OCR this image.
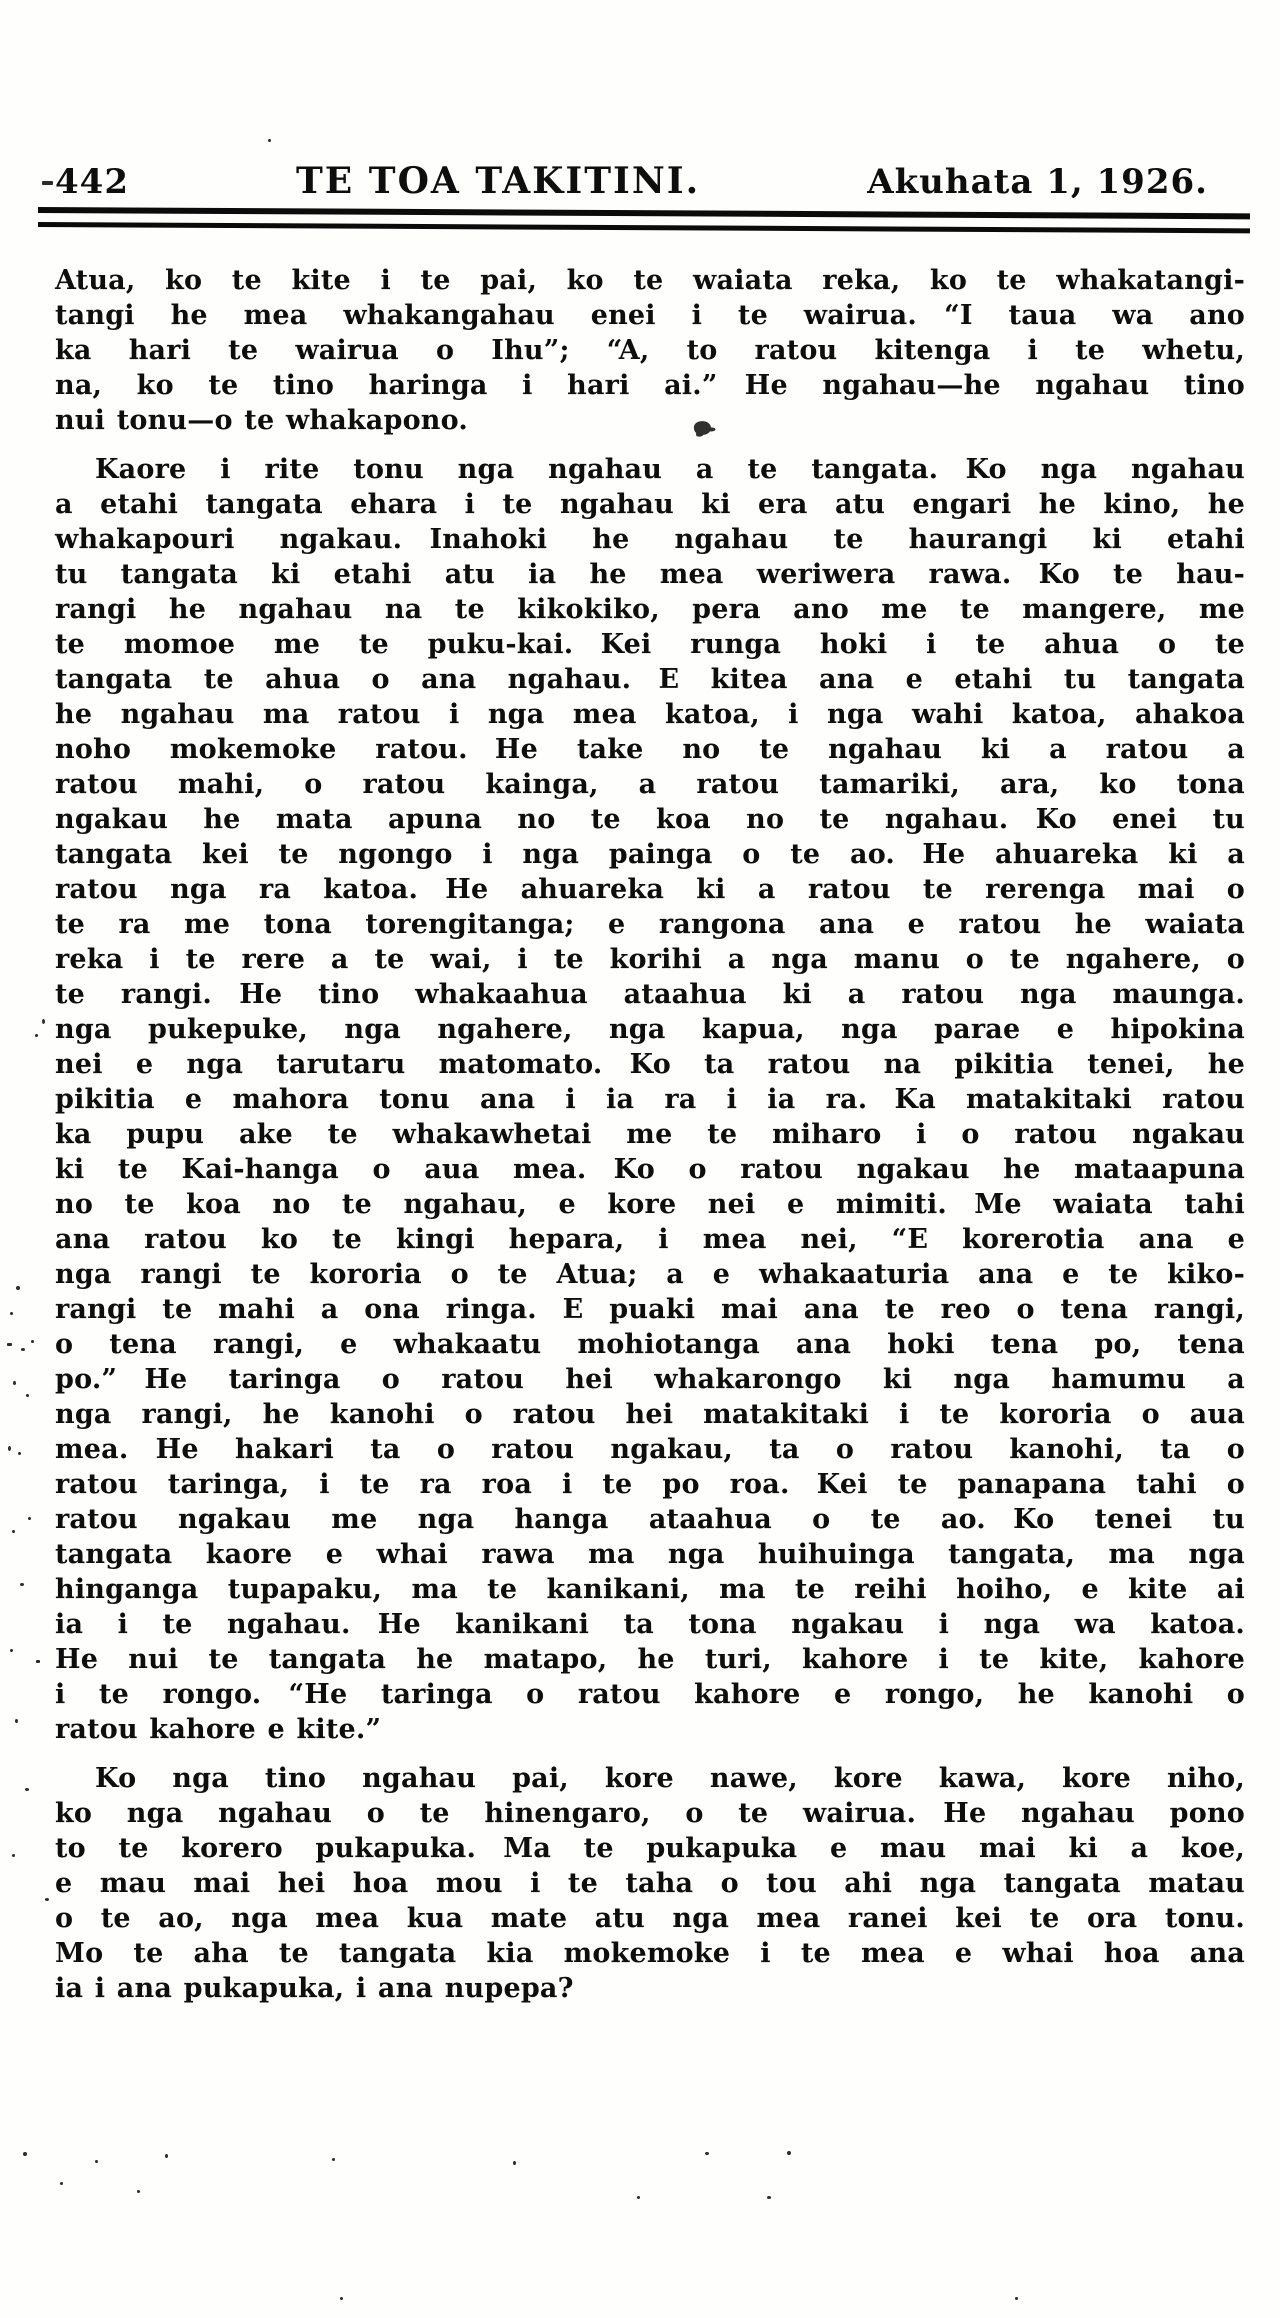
442	TE TOA TAKITINI.	Akuhata 1, 1926.
Atua, ko te kite i te pai, ko te waiata reka, ko te whakatangi-
tangi he mea whakangahau enei i te wairua. “I taua wa ano
ka hari te wairua o Ihu”; “A, to ratou kitenga i te whetu,
na, ko te tino haringa i hari ai.” He ngahau—he ngahau tino
nui tonu—o te whakapono.
Kaore i rite tonu nga ngahau a te tangata. Ko nga ngahau
a etahi tangata ehara i te ngahau ki era atu engari he kino, he
whakapouri ngakau. Inahoki he ngahau te haurangi ki etahi
tu tangata ki etahi atu ia he mea weriwera rawa. Ko te hau-
rangi he ngahau na te kikokiko, pera ano me te mangere, me
te momoe me te puku-kai. Kei runga hoki i te ahua o te
tangata te ahua o ana ngahau. E kitea ana e etahi tu tangata
he ngahau ma ratou i nga mea katoa, i nga wahi katoa, ahakoa
noho mokemoke ratou. He take no te ngahau ki a ratou a
ratou mahi, o ratou kainga, a ratou tamariki, ara, ko tona
ngakau he mata apuna no te koa no te ngahau. Ko enei tu
tangata kei te ngongo i nga painga o te ao. He ahuareka ki a
ratou nga ra katoa. He ahuareka ki a ratou te rerenga mai o
te ra me tona torengitanga; e rangona ana e ratou he waiata
reka i te rere a te wai, i te korihi a nga manu o te ngahere, o
te rangi. He tino whakaahua ataahua ki a ratou nga maunga.
nga pukepuke, nga ngahere, nga kapua, nga parae e hipokina
nei e nga tarutaru matomato. Ko ta ratou na pikitia tenei, he
pikitia e mahora tonu ana i ia ra i ia ra. Ka matakitaki ratou
ka pupu ake te whakawhetai me te miharo i o ratou ngakau
ki te Kai-hanga o aua mea. Ko o ratou ngakau he mataapuna
no te koa no te ngahau, e kore nei e mimiti. Me waiata tahi
ana ratou ko te kingi hepara, i mea nei, “E korerotia ana e
nga rangi te kororia o te Atua; a e whakaaturia ana e te kiko-
rangi te mahi a ona ringa. E puaki mai ana te reo o tena rangi,
o tena rangi, e whakaatu mohiotanga ana hoki tena po, tena
po.” He taringa o ratou hei whakarongo ki nga hamumu a
nga rangi, he kanohi o ratou hei matakitaki i te kororia o aua
mea. He hakari ta o ratou ngakau, ta o ratou kanohi, ta o
ratou taringa, i te ra roa i te po roa. Kei te panapana tahi o
ratou ngakau me nga hanga ataahua o te ao. Ko tenei tu
tangata kaore e whai rawa ma nga huihuinga tangata, ma nga
hinganga tupapaku, ma te kanikani, ma te reihi hoiho, e kite ai
ia i te ngahau. He kanikani ta tona ngakau i nga wa katoa.
He nui te tangata he matapo, he turi, kahore i te kite, kahore
i te rongo. “He taringa o ratou kahore e rongo, he kanohi o
ratou kahore e kite.”
Ko nga tino ngahau pai, kore nawe, kore kawa, kore niho,
ko nga ngahau o te hinengaro, o te wairua. He ngahau pono
to te korero pukapuka. Ma te pukapuka e mau mai ki a koe,
e mau mai hei hoa mou i te taha o tou ahi nga tangata matau
o te ao, nga mea kua mate atu nga mea ranei kei te ora tonu.
Mo te aha te tangata kia mokemoke i te mea e whai hoa ana
ia i ana pukapuka, i ana nupepa?
